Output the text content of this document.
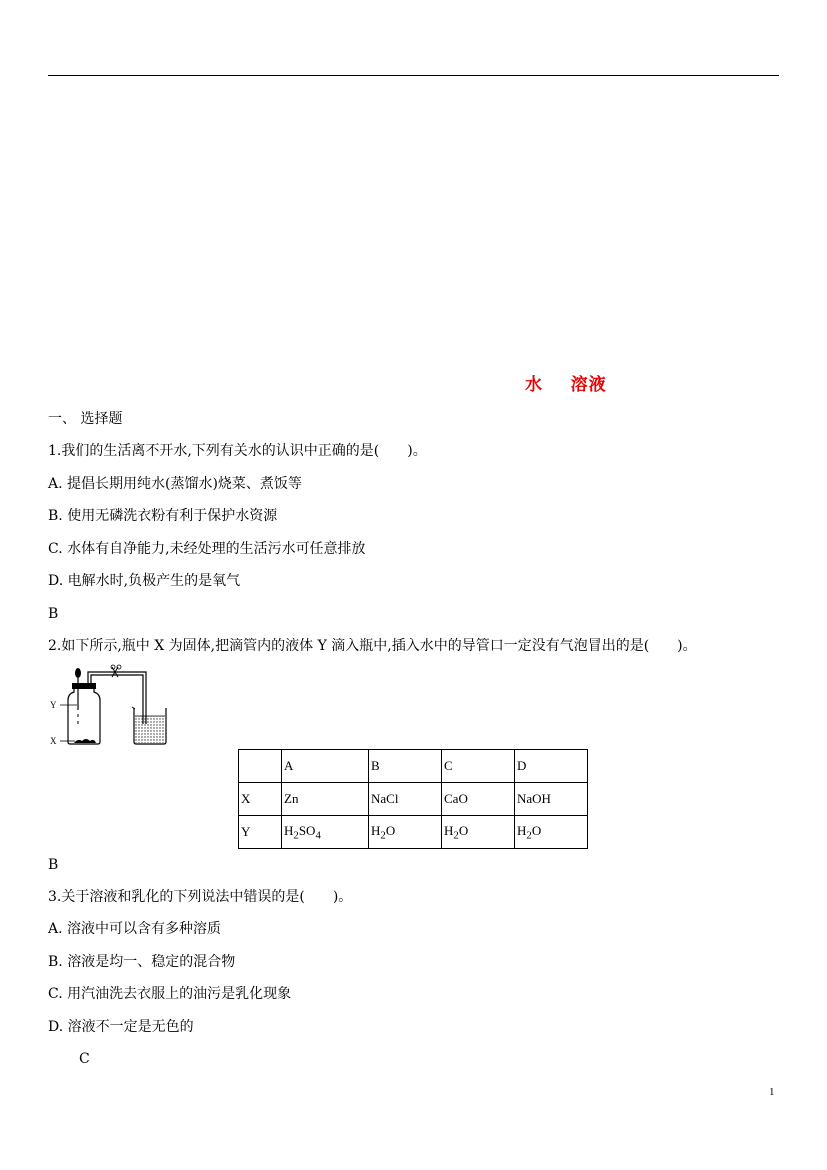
水    溶液
一、 选择题
1.我们的生活离不开水,下列有关水的认识中正确的是(　　)。
A. 提倡长期用纯水(蒸馏水)烧菜、煮饭等
B. 使用无磷洗衣粉有利于保护水资源
C. 水体有自净能力,未经处理的生活污水可任意排放
D. 电解水时,负极产生的是氧气
B
2.如下所示,瓶中 X 为固体,把滴管内的液体 Y 滴入瓶中,插入水中的导管口一定没有气泡冒出的是(　　)。
Y
X
	A	B	C	D
X	Zn	NaCl	CaO	NaOH
Y	$H_2SO_4$	$H_2O$	$H_2O$	$H_2O$
B
3.关于溶液和乳化的下列说法中错误的是(　　)。
A. 溶液中可以含有多种溶质
B. 溶液是均一、稳定的混合物
C. 用汽油洗去衣服上的油污是乳化现象
D. 溶液不一定是无色的
C
1
